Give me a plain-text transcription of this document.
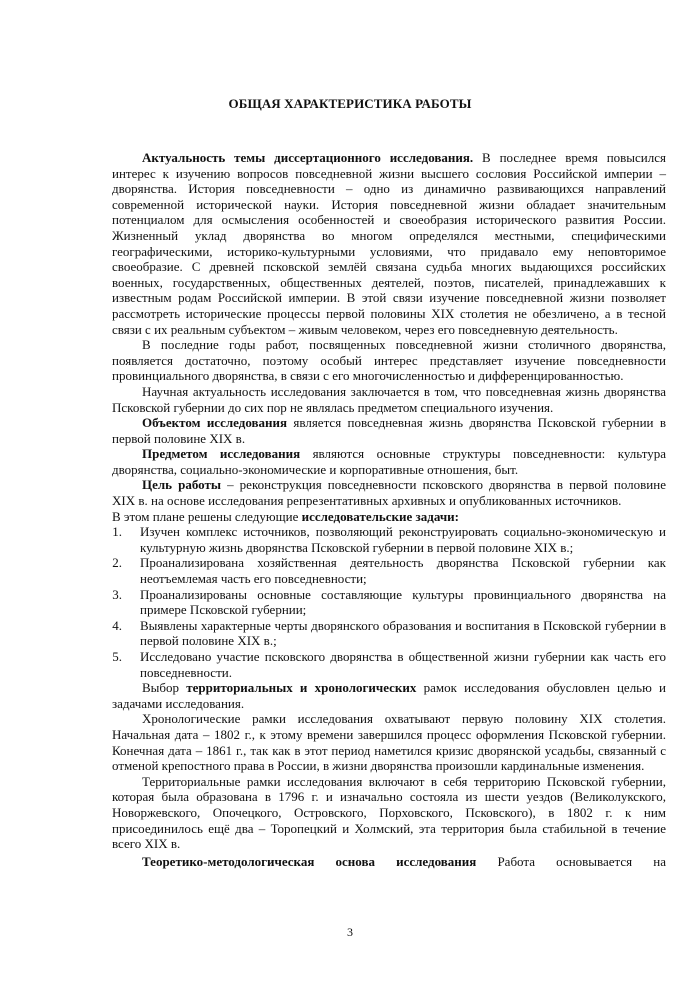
ОБЩАЯ ХАРАКТЕРИСТИКА РАБОТЫ

Актуальность темы диссертационного исследования. В последнее время повысился интерес к изучению вопросов повседневной жизни высшего сословия Российской империи – дворянства. История повседневности – одно из динамично развивающихся направлений современной исторической науки. История повседневной жизни обладает значительным потенциалом для осмысления особенностей и своеобразия исторического развития России. Жизненный уклад дворянства во многом определялся местными, специфическими географическими, историко-культурными условиями, что придавало ему неповторимое своеобразие. С древней псковской землёй связана судьба многих выдающихся российских военных, государственных, общественных деятелей, поэтов, писателей, принадлежавших к известным родам Российской империи. В этой связи изучение повседневной жизни позволяет рассмотреть исторические процессы первой половины XIX столетия не обезличено, а в тесной связи с их реальным субъектом – живым человеком, через его повседневную деятельность.

В последние годы работ, посвященных повседневной жизни столичного дворянства, появляется достаточно, поэтому особый интерес представляет изучение повседневности провинциального дворянства, в связи с его многочисленностью и дифференцированностью.

Научная актуальность исследования заключается в том, что повседневная жизнь дворянства Псковской губернии до сих пор не являлась предметом специального изучения.

Объектом исследования является повседневная жизнь дворянства Псковской губернии в первой половине XIX в.

Предметом исследования являются основные структуры повседневности: культура дворянства, социально-экономические и корпоративные отношения, быт.

Цель работы – реконструкция повседневности псковского дворянства в первой половине XIX в. на основе исследования репрезентативных архивных и опубликованных источников.

В этом плане решены следующие исследовательские задачи:

1.	Изучен комплекс источников, позволяющий реконструировать социально-экономическую и культурную жизнь дворянства Псковской губернии в первой половине XIX в.;
2.	Проанализирована хозяйственная деятельность дворянства Псковской губернии как неотъемлемая часть его повседневности;
3.	Проанализированы основные составляющие культуры провинциального дворянства на примере Псковской губернии;
4.	Выявлены характерные черты дворянского образования и воспитания в Псковской губернии в первой половине XIX в.;
5.	Исследовано участие псковского дворянства в общественной жизни губернии как часть его повседневности.

Выбор территориальных и хронологических рамок исследования обусловлен целью и задачами исследования.

Хронологические рамки исследования охватывают первую половину XIX столетия. Начальная дата – 1802 г., к этому времени завершился процесс оформления Псковской губернии. Конечная дата – 1861 г., так как в этот период наметился кризис дворянской усадьбы, связанный с отменой крепостного права в России, в жизни дворянства произошли кардинальные изменения.

Территориальные рамки исследования включают в себя территорию Псковской губернии, которая была образована в 1796 г. и изначально состояла из шести уездов (Великолукского, Новоржевского, Опочецкого, Островского, Порховского, Псковского), в 1802 г. к ним присоединилось ещё два – Торопецкий и Холмский, эта территория была стабильной в течение всего XIX в.

Теоретико-методологическая основа исследования Работа основывается на

3
